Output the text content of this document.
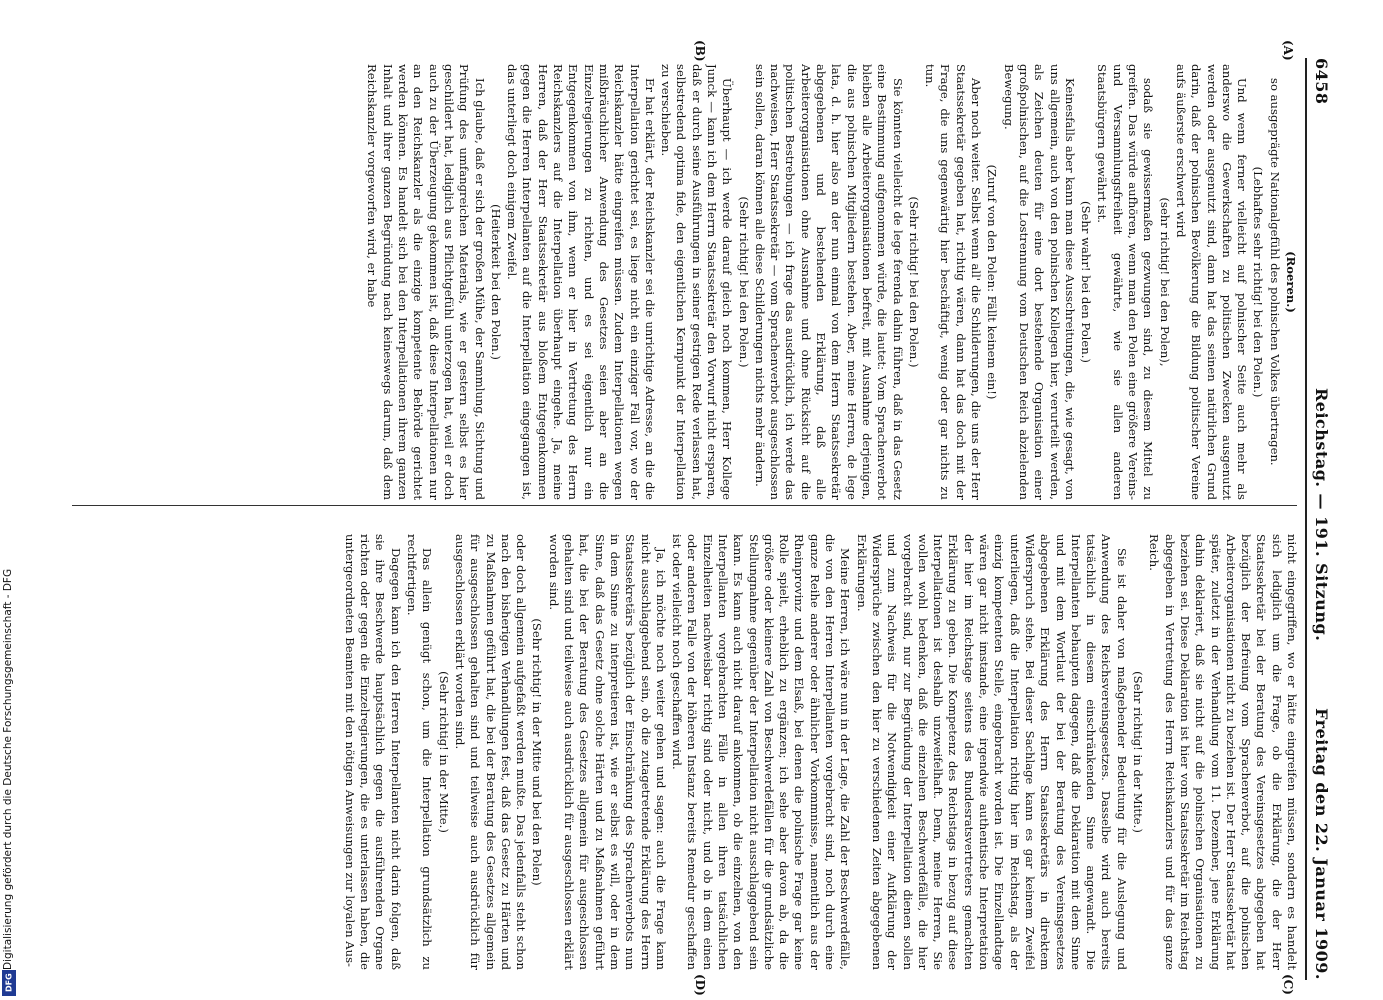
6458
Reichstag. — 191. Sitzung.
Freitag den 22. Januar 1909.
(A)
(B)
(C)
(D)

(Roeren.)

so ausgeprägte Nationalgefühl des polnischen Volkes übertragen.

(Lebhaftes sehr richtig! bei den Polen.)

Und wenn ferner vielleicht auf polnischer Seite auch mehr als anderswo die Gewerkschaften zu politischen Zwecken ausgenutzt werden oder ausgenutzt sind, dann hat das seinen natürlichen Grund darin, daß der polnischen Bevölkerung die Bildung politischer Vereine aufs äußerste erschwert wird

(sehr richtig! bei den Polen),

sodaß sie gewissermaßen gezwungen sind, zu diesem Mittel zu greifen. Das würde aufhören, wenn man den Polen eine größere Vereins- und Versammlungsfreiheit gewährte, wie sie allen anderen Staatsbürgern gewährt ist.

(Sehr wahr! bei den Polen.)

Keinesfalls aber kann man diese Ausschreitungen, die, wie gesagt, von uns allgemein, auch von den polnischen Kollegen hier, verurteilt werden, als Zeichen deuten für eine dort bestehende Organisation einer großpolnischen, auf die Lostrennung vom Deutschen Reich abzielenden Bewegung.

(Zuruf von den Polen: Fällt keinem ein!)

Aber noch weiter. Selbst wenn all' die Schilderungen, die uns der Herr Staatssekretär gegeben hat, richtig wären, dann hat das doch mit der Frage, die uns gegenwärtig hier beschäftigt, wenig oder gar nichts zu tun.

(Sehr richtig! bei den Polen.)

Sie könnten vielleicht de lege ferenda dahin führen, daß in das Gesetz eine Bestimmung aufgenommen würde, die lautet: Vom Sprachenverbot bleiben alle Arbeiterorganisationen befreit, mit Ausnahme derjenigen, die aus polnischen Mitgliedern bestehen. Aber, meine Herren, de lege lata, d. h. hier also an der nun einmal von dem Herrn Staatssekretär abgegebenen und bestehenden Erklärung, daß alle Arbeiterorganisationen ohne Ausnahme und ohne Rücksicht auf die politischen Bestrebungen — ich frage das ausdrücklich, ich werde das nachweisen, Herr Staatssekretär — vom Sprachenverbot ausgeschlossen sein sollen, daran können alle diese Schilderungen nichts mehr ändern.

(Sehr richtig! bei den Polen.)

Überhaupt — ich werde darauf gleich noch kommen, Herr Kollege Junck — kann ich dem Herrn Staatssekretär den Vorwurf nicht ersparen, daß er durch seine Ausführungen in seiner gestrigen Rede verlassen hat, selbstredend optima fide, den eigentlichen Kernpunkt der Interpellation zu verschieben.

Er hat erklärt, der Reichskanzler sei die unrichtige Adresse, an die die Interpellation gerichtet sei, es liege nicht ein einziger Fall vor, wo der Reichskanzler hätte eingreifen müssen. Zudem Interpellationen wegen mißbräuchlicher Anwendung des Gesetzes seien aber an die Einzelregierungen zu richten, und es sei eigentlich nur ein Entgegenkommen von ihm, wenn er hier in Vertretung des Herrn Reichskanzlers auf die Interpellation überhaupt eingehe. Ja, meine Herren, daß der Herr Staatssekretär aus bloßem Entgegenkommen gegen die Herren Interpellanten auf die Interpellation eingegangen ist, das unterliegt doch einigem Zweifel.

(Heiterkeit bei den Polen.)

Ich glaube, daß er sich der großen Mühe, der Sammlung, Sichtung und Prüfung des umfangreichen Materials, wie er gestern selbst es hier geschildert hat, lediglich aus Pflichtgefühl unterzogen hat, weil er doch auch zu der Überzeugung gekommen ist, daß diese Interpellationen nur an den Reichskanzler als die einzige kompetente Behörde gerichtet werden können. Es handelt sich bei den Interpellationen ihrem ganzen Inhalt und ihrer ganzen Begründung nach keineswegs darum, daß dem Reichskanzler vorgeworfen wird, er habe

nicht eingegriffen, wo er hätte eingreifen müssen, sondern es handelt sich lediglich um die Frage, ob die Erklärung, die der Herr Staatssekretär bei der Beratung des Vereinsgesetzes abgegeben hat bezüglich der Befreiung vom Sprachenverbot, auf die polnischen Arbeiterorganisationen nicht zu beziehen ist. Der Herr Staatssekretär hat später, zuletzt in der Verhandlung vom 11. Dezember, jene Erklärung dahin deklariert, daß sie nicht auf die polnischen Organisationen zu beziehen sei. Diese Deklaration ist hier vom Staatssekretär im Reichstag abgegeben in Vertretung des Herrn Reichskanzlers und für das ganze Reich.

(Sehr richtig! in der Mitte.)

Sie ist daher von maßgebender Bedeutung für die Auslegung und Anwendung des Reichsvereinsgesetzes. Dasselbe wird auch bereits tatsächlich in diesem einschränkenden Sinne angewandt. Die Interpellanten behaupten dagegen, daß die Deklaration mit dem Sinne und mit dem Wortlaut der bei der Beratung des Vereinsgesetzes abgegebenen Erklärung des Herrn Staatssekretärs in direktem Widerspruch stehe. Bei dieser Sachlage kann es gar keinem Zweifel unterliegen, daß die Interpellation richtig hier im Reichstag, als der einzig kompetenten Stelle, eingebracht worden ist. Die Einzellandtage wären gar nicht imstande, eine irgendwie authentische Interpretation der hier im Reichstage seitens des Bundesratsvertreters gemachten Erklärung zu geben. Die Kompetenz des Reichstags in bezug auf diese Interpellationen ist deshalb unzweifelhaft. Denn, meine Herren, Sie wollen wohl bedenken, daß die einzelnen Beschwerdefälle, die hier vorgebracht sind, nur zur Begründung der Interpellation dienen sollen und zum Nachweis für die Notwendigkeit einer Aufklärung der Widersprüche zwischen den hier zu verschiedenen Zeiten abgegebenen Erklärungen.

Meine Herren, ich wäre nun in der Lage, die Zahl der Beschwerdefälle, die von den Herren Interpellanten vorgebracht sind, noch durch eine ganze Reihe anderer oder ähnlicher Vorkommnisse, namentlich aus der Rheinprovinz und dem Elsaß, bei denen die polnische Frage gar keine Rolle spielt, erheblich zu ergänzen; ich sehe aber davon ab, da die größere oder kleinere Zahl von Beschwerdefällen für die grundsätzliche Stellungnahme gegenüber der Interpellation nicht ausschlaggebend sein kann. Es kann auch nicht darauf ankommen, ob die einzelnen, von den Interpellanten vorgebrachten Fälle in allen ihren tatsächlichen Einzelheiten nachweisbar richtig sind oder nicht, und ob in dem einen oder anderen Falle von der höheren Instanz bereits Remedur geschaffen ist oder vielleicht noch geschaffen wird.

Ja, ich möchte noch weiter gehen und sagen: auch die Frage kann nicht ausschlaggebend sein, ob die zutagetretende Erklärung des Herrn Staatssekretärs bezüglich der Einschränkung des Sprachenverbots nun in dem Sinne zu interpretieren ist, wie er selbst es will, oder in dem Sinne, daß das Gesetz ohne solche Härten und zu Maßnahmen geführt hat, die bei der Beratung des Gesetzes allgemein für ausgeschlossen gehalten sind und teilweise auch ausdrücklich für ausgeschlossen erklärt worden sind.

(Sehr richtig! in der Mitte und bei den Polen)

oder doch allgemein aufgefaßt werden mußte. Das jedenfalls steht schon nach den bisherigen Verhandlungen fest, daß das Gesetz zu Härten und zu Maßnahmen geführt hat, die bei der Beratung des Gesetzes allgemein für ausgeschlossen gehalten sind und teilweise auch ausdrücklich für ausgeschlossen erklärt worden sind.

(Sehr richtig! in der Mitte.)

Das allein genügt schon, um die Interpellation grundsätzlich zu rechtfertigen.

Dagegen kann ich den Herren Interpellanten nicht darin folgen, daß sie ihre Beschwerde hauptsächlich gegen die ausführenden Organe richten oder gegen die Einzelregierungen, die es unterlassen haben, die untergeordneten Beamten mit den nötigen Anweisungen zur loyalen Aus-

Digitalisierung gefördert durch die Deutsche Forschungsgemeinschaft - DFG
DFG
